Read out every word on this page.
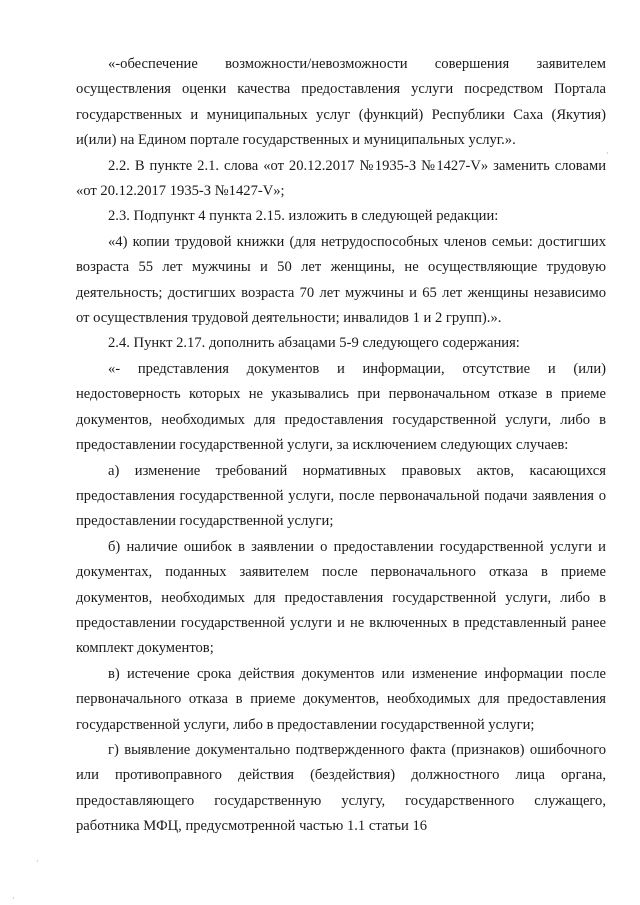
«-обеспечение возможности/невозможности совершения заявителем осуществления оценки качества предоставления услуги посредством Портала государственных и муниципальных услуг (функций) Республики Саха (Якутия) и(или) на Едином портале государственных и муниципальных услуг.».

2.2. В пункте 2.1. слова «от 20.12.2017 №1935-З №1427-V» заменить словами «от 20.12.2017 1935-З №1427-V»;

2.3. Подпункт 4 пункта 2.15. изложить в следующей редакции:

«4) копии трудовой книжки (для нетрудоспособных членов семьи: достигших возраста 55 лет мужчины и 50 лет женщины, не осуществляющие трудовую деятельность; достигших возраста 70 лет мужчины и 65 лет женщины независимо от осуществления трудовой деятельности; инвалидов 1 и 2 групп).».

2.4. Пункт 2.17. дополнить абзацами 5-9 следующего содержания:

«- представления документов и информации, отсутствие и (или) недостоверность которых не указывались при первоначальном отказе в приеме документов, необходимых для предоставления государственной услуги, либо в предоставлении государственной услуги, за исключением следующих случаев:

а) изменение требований нормативных правовых актов, касающихся предоставления государственной услуги, после первоначальной подачи заявления о предоставлении государственной услуги;

б) наличие ошибок в заявлении о предоставлении государственной услуги и документах, поданных заявителем после первоначального отказа в приеме документов, необходимых для предоставления государственной услуги, либо в предоставлении государственной услуги и не включенных в представленный ранее комплект документов;

в) истечение срока действия документов или изменение информации после первоначального отказа в приеме документов, необходимых для предоставления государственной услуги, либо в предоставлении государственной услуги;

г) выявление документально подтвержденного факта (признаков) ошибочного или противоправного действия (бездействия) должностного лица органа, предоставляющего государственную услугу, государственного служащего, работника МФЦ, предусмотренной частью 1.1 статьи 16

·
·
·
